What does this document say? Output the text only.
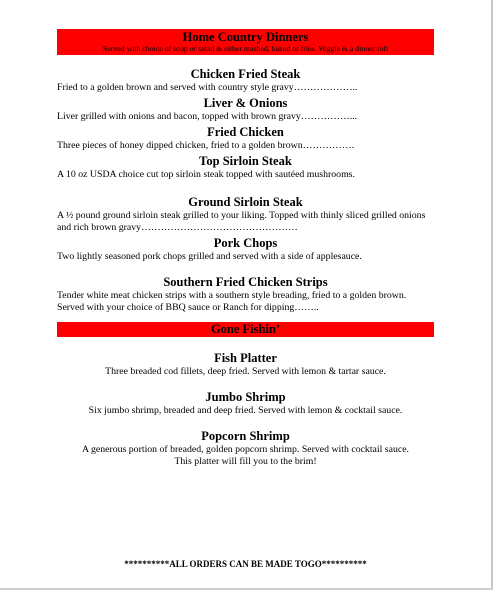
Home Country Dinners
Served with choice of soup or salad & either mashed, baked or fries. Veggie & a dinner roll
Chicken Fried Steak
Fried to a golden brown and served with country style gravy………………..
Liver & Onions
Liver grilled with onions and bacon, topped with brown gravy……………...
Fried Chicken
Three pieces of honey dipped chicken, fried to a golden brown…………….
Top Sirloin Steak
A 10 oz USDA choice cut top sirloin steak topped with sautéed mushrooms.
Ground Sirloin Steak
A ½ pound ground sirloin steak grilled to your liking. Topped with thinly sliced grilled onions and rich brown gravy…………………………………………
Pork Chops
Two lightly seasoned pork chops grilled and served with a side of applesauce.
Southern Fried Chicken Strips
Tender white meat chicken strips with a southern style breading, fried to a golden brown. Served with your choice of BBQ sauce or Ranch for dipping……..
Gone Fishin’
Fish Platter
Three breaded cod fillets, deep fried. Served with lemon & tartar sauce.
Jumbo Shrimp
Six jumbo shrimp, breaded and deep fried. Served with lemon & cocktail sauce.
Popcorn Shrimp
A generous portion of breaded, golden popcorn shrimp. Served with cocktail sauce. This platter will fill you to the brim!
**********ALL ORDERS CAN BE MADE TOGO**********
